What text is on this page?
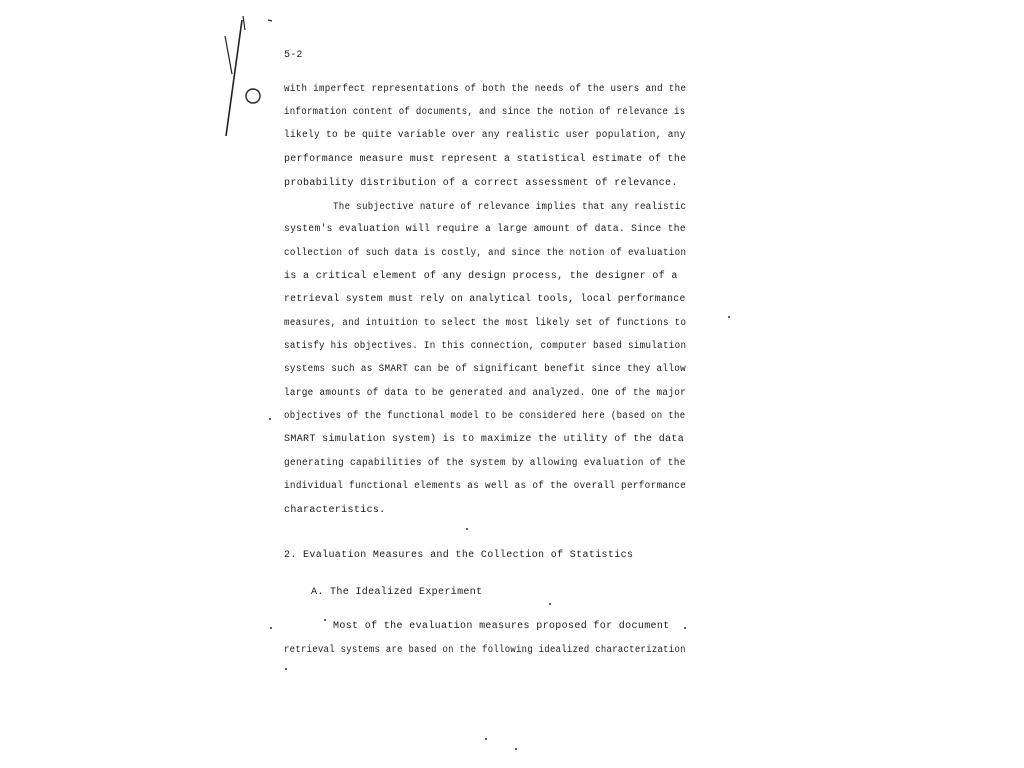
5-2
with imperfect representations of both the needs of the users and the
information content of documents, and since the notion of relevance is
likely to be quite variable over any realistic user population, any
performance measure must represent a statistical estimate of the
probability distribution of a correct assessment of relevance.
The subjective nature of relevance implies that any realistic
system's evaluation will require a large amount of data. Since the
collection of such data is costly, and since the notion of evaluation
is a critical element of any design process, the designer of a
retrieval system must rely on analytical tools, local performance
measures, and intuition to select the most likely set of functions to
satisfy his objectives. In this connection, computer based simulation
systems such as SMART can be of significant benefit since they allow
large amounts of data to be generated and analyzed. One of the major
objectives of the functional model to be considered here (based on the
SMART simulation system) is to maximize the utility of the data
generating capabilities of the system by allowing evaluation of the
individual functional elements as well as of the overall performance
characteristics.
2. Evaluation Measures and the Collection of Statistics
A. The Idealized Experiment
Most of the evaluation measures proposed for document
retrieval systems are based on the following idealized characterization
